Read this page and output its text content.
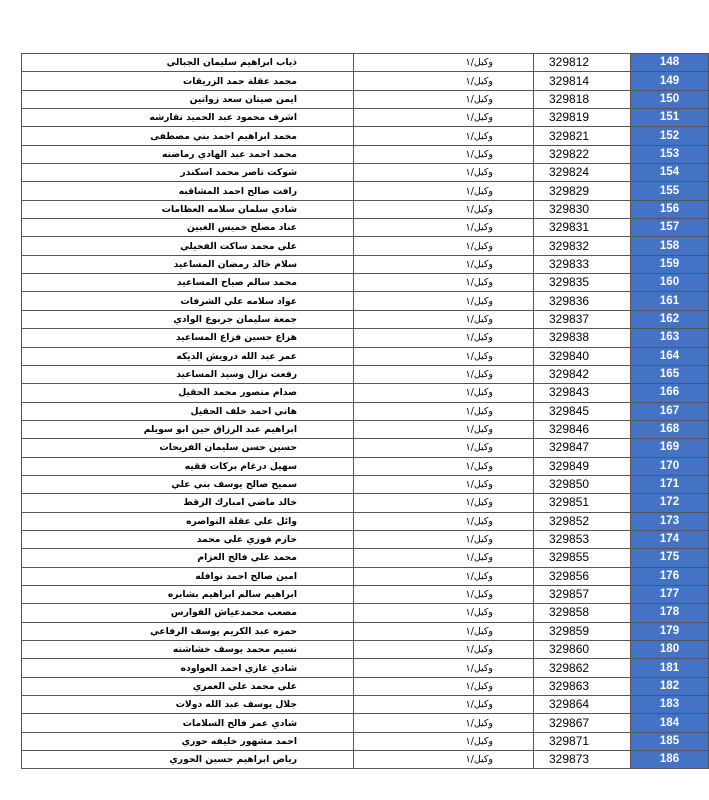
ذياب ابراهيم سليمان الجبالي	وكيل/١	329812	148
محمد عقلة حمد الزريقات	وكيل/١	329814	149
ايمن صيتان سعد زواتين	وكيل/١	329818	150
اشرف محمود عبد الحميد نقارشه	وكيل/١	329819	151
محمد ابراهيم احمد بني مصطفى	وكيل/١	329821	152
محمد احمد عبد الهادي رماضنه	وكيل/١	329822	153
شوكت ناصر محمد اسكندر	وكيل/١	329824	154
رافت صالح احمد المشاقبه	وكيل/١	329829	155
شادي سلمان سلامه العظامات	وكيل/١	329830	156
عناد مصلح خميس الغبين	وكيل/١	329831	157
علي محمد ساكت الفحيلي	وكيل/١	329832	158
سلام خالد رمضان المساعيد	وكيل/١	329833	159
محمد سالم صياح المساعيد	وكيل/١	329835	160
عواد سلامه علي الشرفات	وكيل/١	329836	161
جمعة سليمان جربوع الوادي	وكيل/١	329837	162
هزاع حسين فزاع المساعيد	وكيل/١	329838	163
عمر عبد الله درويش الديكه	وكيل/١	329840	164
رفعت نزال وسيد المساعيد	وكيل/١	329842	165
صدام منصور محمد الحقيل	وكيل/١	329843	166
هاني احمد خلف الحقيل	وكيل/١	329845	167
ابراهيم عبد الرزاق حين ابو سويلم	وكيل/١	329846	168
حسين حسن سليمان الفريحات	وكيل/١	329847	169
سهيل درغام بركات فقيه	وكيل/١	329849	170
سميح صالح يوسف بني علي	وكيل/١	329850	171
خالد ماضي امبارك الزقط	وكيل/١	329851	172
وائل علي عقلة النواصره	وكيل/١	329852	173
حازم فوزي علي محمد	وكيل/١	329853	174
محمد علي فالح العزام	وكيل/١	329855	175
امين صالح احمد نوافله	وكيل/١	329856	176
ابراهيم سالم ابراهيم بشابره	وكيل/١	329857	177
مصعب محمدعياش الفوارس	وكيل/١	329858	178
حمزه عبد الكريم يوسف الرفاعي	وكيل/١	329859	179
نسيم محمد يوسف خشاشنه	وكيل/١	329860	180
شادي غازي احمد العواوده	وكيل/١	329862	181
علي محمد علي العمري	وكيل/١	329863	182
جلال يوسف عبد الله دولات	وكيل/١	329864	183
شادي عمر فالح السلامات	وكيل/١	329867	184
احمد مشهور خليفه حوري	وكيل/١	329871	185
رياض ابراهيم حسين الحوري	وكيل/١	329873	186
